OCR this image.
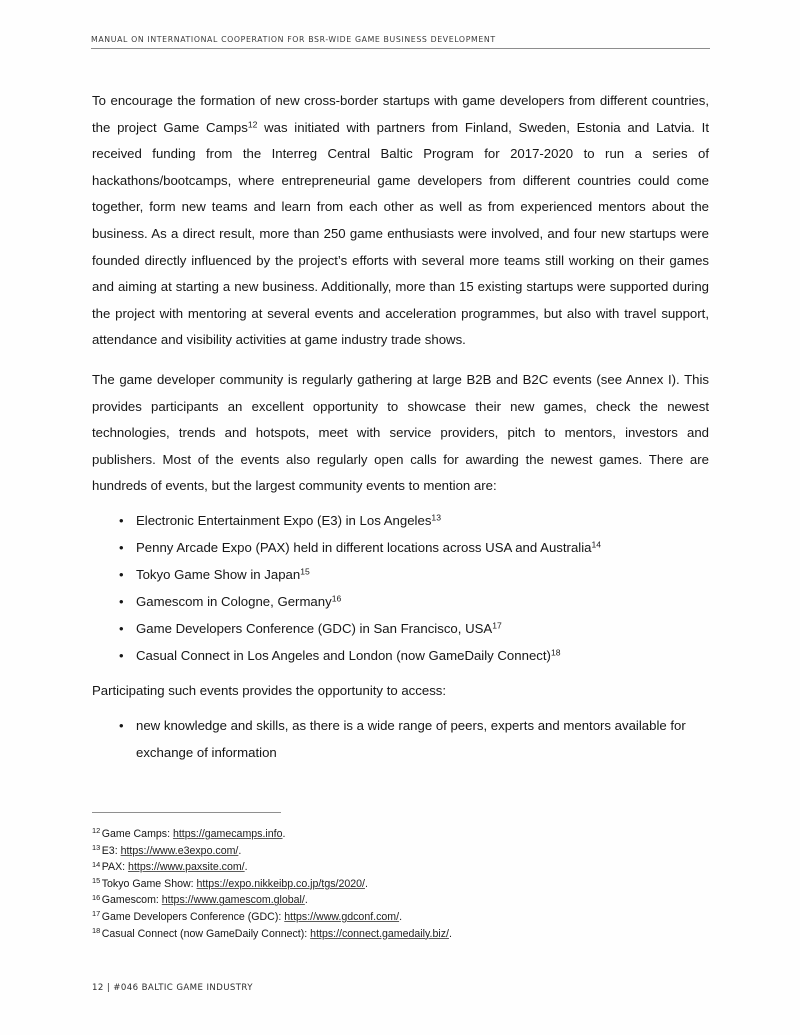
MANUAL ON INTERNATIONAL COOPERATION FOR BSR-WIDE GAME BUSINESS DEVELOPMENT

To encourage the formation of new cross-border startups with game developers from different countries, the project Game Camps$^{12}$ was initiated with partners from Finland, Sweden, Estonia and Latvia. It received funding from the Interreg Central Baltic Program for 2017-2020 to run a series of hackathons/bootcamps, where entrepreneurial game developers from different countries could come together, form new teams and learn from each other as well as from experienced mentors about the business. As a direct result, more than 250 game enthusiasts were involved, and four new startups were founded directly influenced by the project’s efforts with several more teams still working on their games and aiming at starting a new business. Additionally, more than 15 existing startups were supported during the project with mentoring at several events and acceleration programmes, but also with travel support, attendance and visibility activities at game industry trade shows.

The game developer community is regularly gathering at large B2B and B2C events (see Annex I). This provides participants an excellent opportunity to showcase their new games, check the newest technologies, trends and hotspots, meet with service providers, pitch to mentors, investors and publishers. Most of the events also regularly open calls for awarding the newest games. There are hundreds of events, but the largest community events to mention are:

• Electronic Entertainment Expo (E3) in Los Angeles$^{13}$
• Penny Arcade Expo (PAX) held in different locations across USA and Australia$^{14}$
• Tokyo Game Show in Japan$^{15}$
• Gamescom in Cologne, Germany$^{16}$
• Game Developers Conference (GDC) in San Francisco, USA$^{17}$
• Casual Connect in Los Angeles and London (now GameDaily Connect)$^{18}$

Participating such events provides the opportunity to access:

• new knowledge and skills, as there is a wide range of peers, experts and mentors available for exchange of information
$^{12}$ Game Camps: https://gamecamps.info.
$^{13}$ E3: https://www.e3expo.com/.
$^{14}$ PAX: https://www.paxsite.com/.
$^{15}$ Tokyo Game Show: https://expo.nikkeibp.co.jp/tgs/2020/.
$^{16}$ Gamescom: https://www.gamescom.global/.
$^{17}$ Game Developers Conference (GDC): https://www.gdconf.com/.
$^{18}$ Casual Connect (now GameDaily Connect): https://connect.gamedaily.biz/.
12 | #046 BALTIC GAME INDUSTRY
